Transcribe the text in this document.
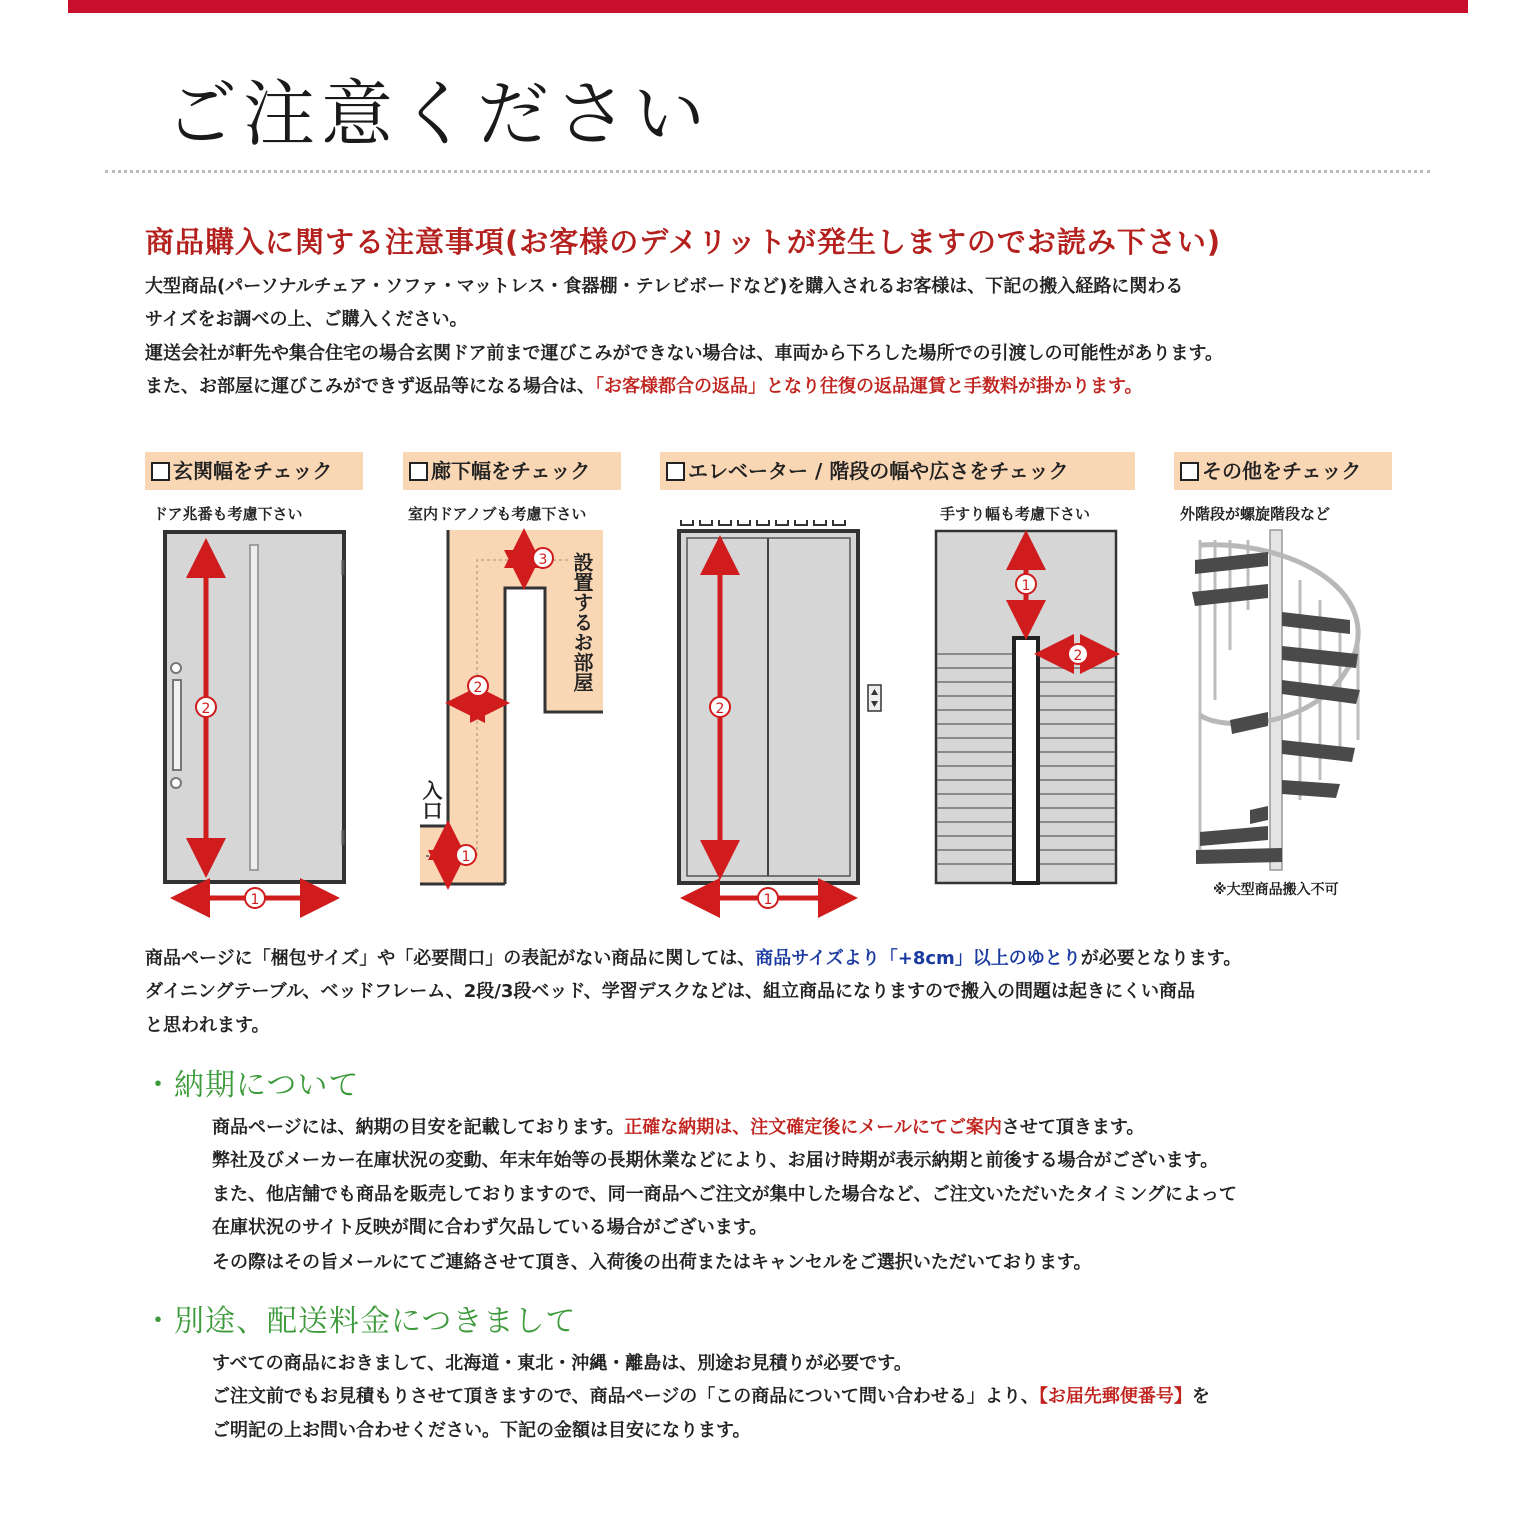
ご注意ください
商品購入に関する注意事項(お客様のデメリットが発生しますのでお読み下さい)
大型商品(パーソナルチェア・ソファ・マットレス・食器棚・テレビボードなど)を購入されるお客様は、下記の搬入経路に関わる
サイズをお調べの上、ご購入ください。
運送会社が軒先や集合住宅の場合玄関ドア前まで運びこみができない場合は、車両から下ろした場所での引渡しの可能性があります。
また、お部屋に運びこみができず返品等になる場合は、「お客様都合の返品」となり往復の返品運賃と手数料が掛かります。
玄関幅をチェック	廊下幅をチェック	エレベーター / 階段の幅や広さをチェック	その他をチェック
ドア兆番も考慮下さい	室内ドアノブも考慮下さい	手すり幅も考慮下さい	外階段が螺旋階段など
設置するお部屋
入口
※大型商品搬入不可
1
2
3
2
1
2
1
1
2
商品ページに「梱包サイズ」や「必要間口」の表記がない商品に関しては、商品サイズより「+8cm」以上のゆとりが必要となります。
ダイニングテーブル、ベッドフレーム、2段/3段ベッド、学習デスクなどは、組立商品になりますので搬入の問題は起きにくい商品
と思われます。
・納期について
商品ページには、納期の目安を記載しております。正確な納期は、注文確定後にメールにてご案内させて頂きます。
弊社及びメーカー在庫状況の変動、年末年始等の長期休業などにより、お届け時期が表示納期と前後する場合がございます。
また、他店舗でも商品を販売しておりますので、同一商品へご注文が集中した場合など、ご注文いただいたタイミングによって
在庫状況のサイト反映が間に合わず欠品している場合がございます。
その際はその旨メールにてご連絡させて頂き、入荷後の出荷またはキャンセルをご選択いただいております。
・別途、配送料金につきまして
すべての商品におきまして、北海道・東北・沖縄・離島は、別途お見積りが必要です。
ご注文前でもお見積もりさせて頂きますので、商品ページの「この商品について問い合わせる」より、【お届先郵便番号】を
ご明記の上お問い合わせください。下記の金額は目安になります。
